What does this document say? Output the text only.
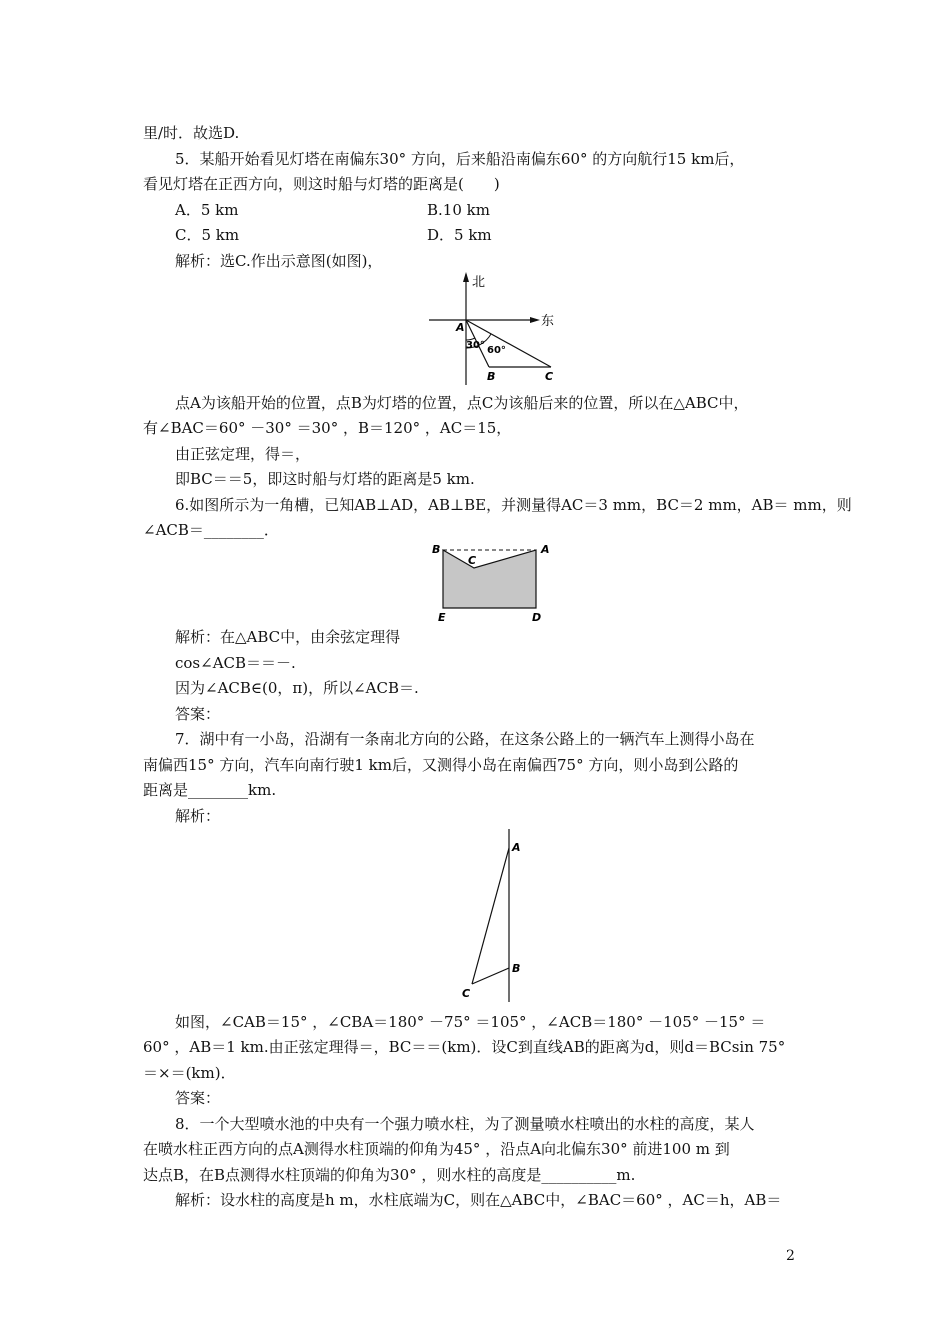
里/时．故选D.
5．某船开始看见灯塔在南偏东30° 方向，后来船沿南偏东60° 的方向航行15 km后，
看见灯塔在正西方向，则这时船与灯塔的距离是(　　)
A．5 km	B.10 km
C．5 km	D．5 km
解析：选C.作出示意图(如图)，
北
东
A
B	C
30° 60°
点A为该船开始的位置，点B为灯塔的位置，点C为该船后来的位置，所以在△ABC中，
有∠BAC＝60° －30° ＝30° ，B＝120° ，AC＝15，
由正弦定理，得＝，
即BC＝＝5，即这时船与灯塔的距离是5 km.
6.如图所示为一角槽，已知AB⊥AD，AB⊥BE，并测量得AC＝3 mm，BC＝2 mm，AB＝ mm，则
∠ACB＝________．
B	A
C
E	D
解析：在△ABC中，由余弦定理得
cos∠ACB＝＝－.
因为∠ACB∈(0，π)，所以∠ACB＝.
答案：
7．湖中有一小岛，沿湖有一条南北方向的公路，在这条公路上的一辆汽车上测得小岛在
南偏西15° 方向，汽车向南行驶1 km后，又测得小岛在南偏西75° 方向，则小岛到公路的
距离是________km.
解析：
A
B
C
如图，∠CAB＝15° ，∠CBA＝180° －75° ＝105° ，∠ACB＝180° －105° －15° ＝
60° ，AB＝1 km.由正弦定理得＝，BC＝＝(km)．设C到直线AB的距离为d，则d＝BCsin 75°
＝×＝(km)．
答案：
8．一个大型喷水池的中央有一个强力喷水柱，为了测量喷水柱喷出的水柱的高度，某人
在喷水柱正西方向的点A测得水柱顶端的仰角为45° ，沿点A向北偏东30° 前进100 m 到
达点B，在B点测得水柱顶端的仰角为30° ，则水柱的高度是__________m.
解析：设水柱的高度是h m，水柱底端为C，则在△ABC中，∠BAC＝60° ，AC＝h，AB＝
2
